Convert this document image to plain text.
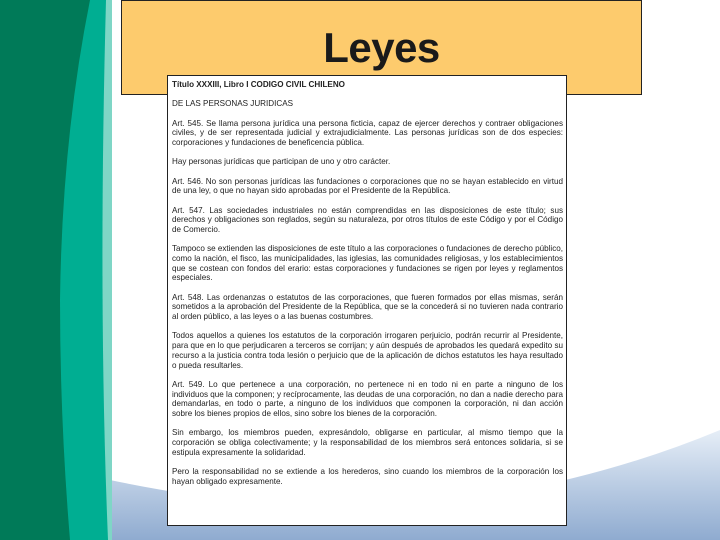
Leyes

Título XXXIII, Libro I CODIGO CIVIL CHILENO

DE LAS PERSONAS JURIDICAS

Art. 545. Se llama persona jurídica una persona ficticia, capaz de ejercer derechos y contraer obligaciones civiles, y de ser representada judicial y extrajudicialmente. Las personas jurídicas son de dos especies: corporaciones y fundaciones de beneficencia pública.

Hay personas jurídicas que participan de uno y otro carácter.

Art. 546. No son personas jurídicas las fundaciones o corporaciones que no se hayan establecido en virtud de una ley, o que no hayan sido aprobadas por el Presidente de la República.

Art. 547. Las sociedades industriales no están comprendidas en las disposiciones de este título; sus derechos y obligaciones son reglados, según su naturaleza, por otros títulos de este Código y por el Código de Comercio.

Tampoco se extienden las disposiciones de este título a las corporaciones o fundaciones de derecho público, como la nación, el fisco, las municipalidades, las iglesias, las comunidades religiosas, y los establecimientos que se costean con fondos del erario: estas corporaciones y fundaciones se rigen por leyes y reglamentos especiales.

Art. 548. Las ordenanzas o estatutos de las corporaciones, que fueren formados por ellas mismas, serán sometidos a la aprobación del Presidente de la República, que se la concederá si no tuvieren nada contrario al orden público, a las leyes o a las buenas costumbres.

Todos aquellos a quienes los estatutos de la corporación irrogaren perjuicio, podrán recurrir al Presidente, para que en lo que perjudicaren a terceros se corrijan; y aún después de aprobados les quedará expedito su recurso a la justicia contra toda lesión o perjuicio que de la aplicación de dichos estatutos les haya resultado o pueda resultarles.

Art. 549. Lo que pertenece a una corporación, no pertenece ni en todo ni en parte a ninguno de los individuos que la componen; y recíprocamente, las deudas de una corporación, no dan a nadie derecho para demandarlas, en todo o parte, a ninguno de los individuos que componen la corporación, ni dan acción sobre los bienes propios de ellos, sino sobre los bienes de la corporación.

Sin embargo, los miembros pueden, expresándolo, obligarse en particular, al mismo tiempo que la corporación se obliga colectivamente; y la responsabilidad de los miembros será entonces solidaria, si se estipula expresamente la solidaridad.

Pero la responsabilidad no se extiende a los herederos, sino cuando los miembros de la corporación los hayan obligado expresamente.
